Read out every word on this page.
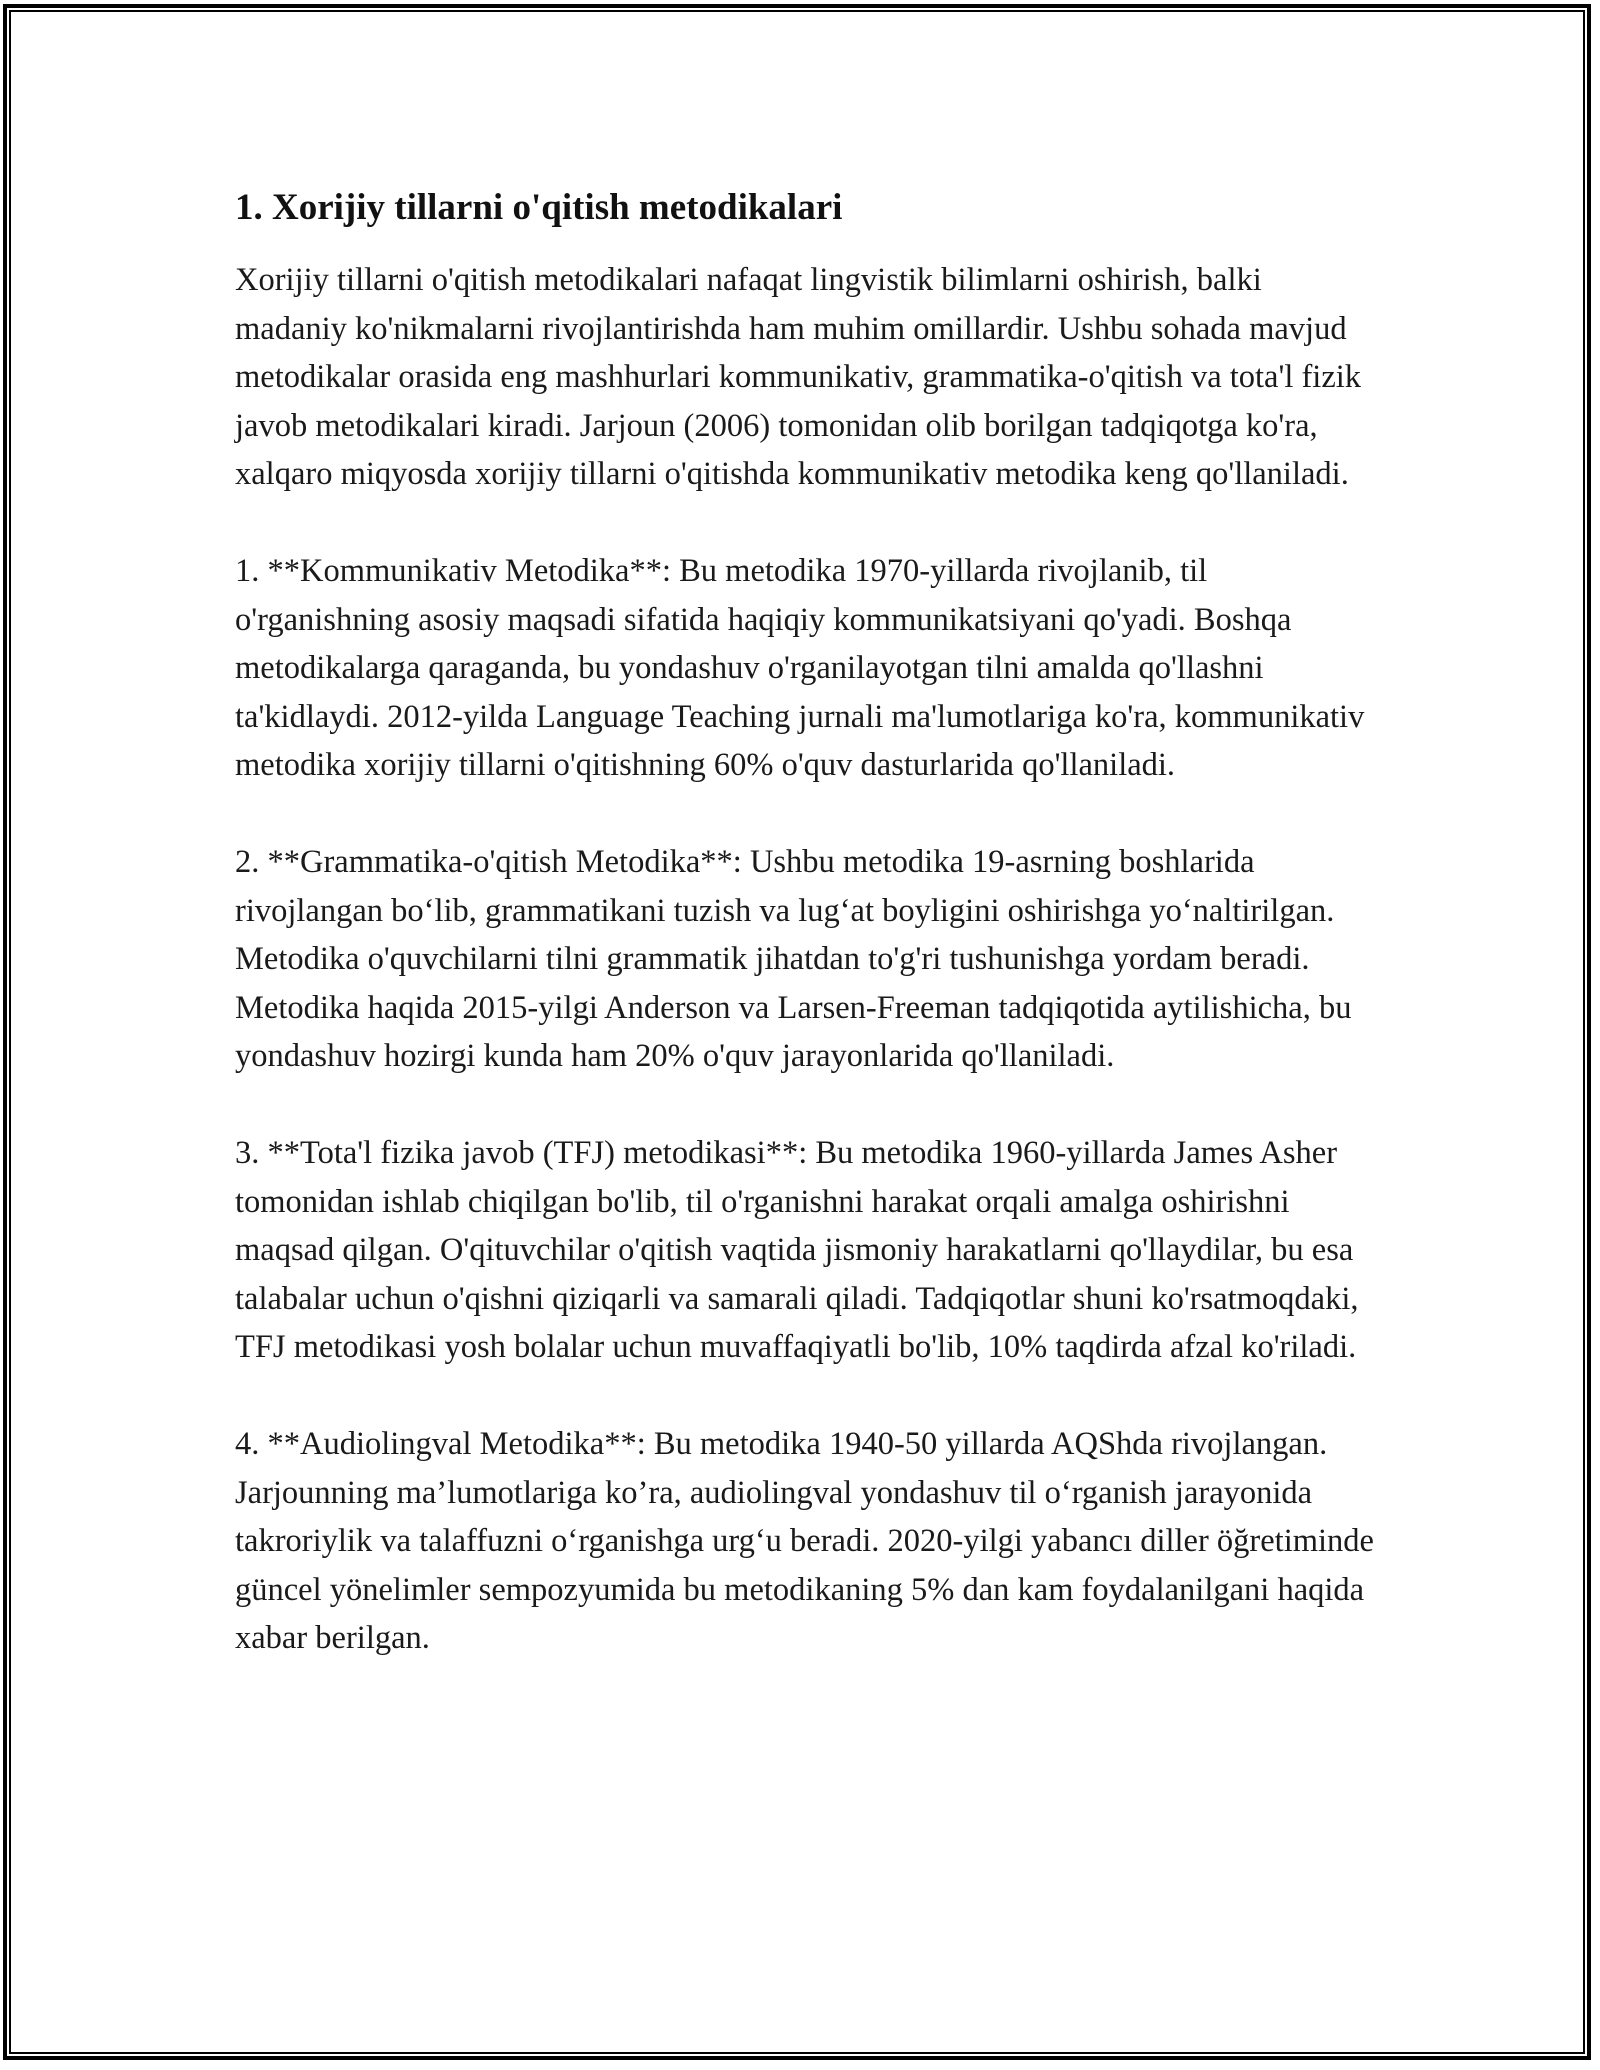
1. Xorijiy tillarni o'qitish metodikalari

Xorijiy tillarni o'qitish metodikalari nafaqat lingvistik bilimlarni oshirish, balki madaniy ko'nikmalarni rivojlantirishda ham muhim omillardir. Ushbu sohada mavjud metodikalar orasida eng mashhurlari kommunikativ, grammatika-o'qitish va tota'l fizik javob metodikalari kiradi. Jarjoun (2006) tomonidan olib borilgan tadqiqotga ko'ra, xalqaro miqyosda xorijiy tillarni o'qitishda kommunikativ metodika keng qo'llaniladi.

1. **Kommunikativ Metodika**: Bu metodika 1970-yillarda rivojlanib, til o'rganishning asosiy maqsadi sifatida haqiqiy kommunikatsiyani qo'yadi. Boshqa metodikalarga qaraganda, bu yondashuv o'rganilayotgan tilni amalda qo'llashni ta'kidlaydi. 2012-yilda Language Teaching jurnali ma'lumotlariga ko'ra, kommunikativ metodika xorijiy tillarni o'qitishning 60% o'quv dasturlarida qo'llaniladi.

2. **Grammatika-o'qitish Metodika**: Ushbu metodika 19-asrning boshlarida rivojlangan bo‘lib, grammatikani tuzish va lug‘at boyligini oshirishga yo‘naltirilgan. Metodika o'quvchilarni tilni grammatik jihatdan to'g'ri tushunishga yordam beradi. Metodika haqida 2015-yilgi Anderson va Larsen-Freeman tadqiqotida aytilishicha, bu yondashuv hozirgi kunda ham 20% o'quv jarayonlarida qo'llaniladi.

3. **Tota'l fizika javob (TFJ) metodikasi**: Bu metodika 1960-yillarda James Asher tomonidan ishlab chiqilgan bo'lib, til o'rganishni harakat orqali amalga oshirishni maqsad qilgan. O'qituvchilar o'qitish vaqtida jismoniy harakatlarni qo'llaydilar, bu esa talabalar uchun o'qishni qiziqarli va samarali qiladi. Tadqiqotlar shuni ko'rsatmoqdaki, TFJ metodikasi yosh bolalar uchun muvaffaqiyatli bo'lib, 10% taqdirda afzal ko'riladi.

4. **Audiolingval Metodika**: Bu metodika 1940-50 yillarda AQShda rivojlangan. Jarjounning ma’lumotlariga ko’ra, audiolingval yondashuv til o‘rganish jarayonida takroriylik va talaffuzni o‘rganishga urg‘u beradi. 2020-yilgi yabancı diller öğretiminde güncel yönelimler sempozyumida bu metodikaning 5% dan kam foydalanilgani haqida xabar berilgan.
